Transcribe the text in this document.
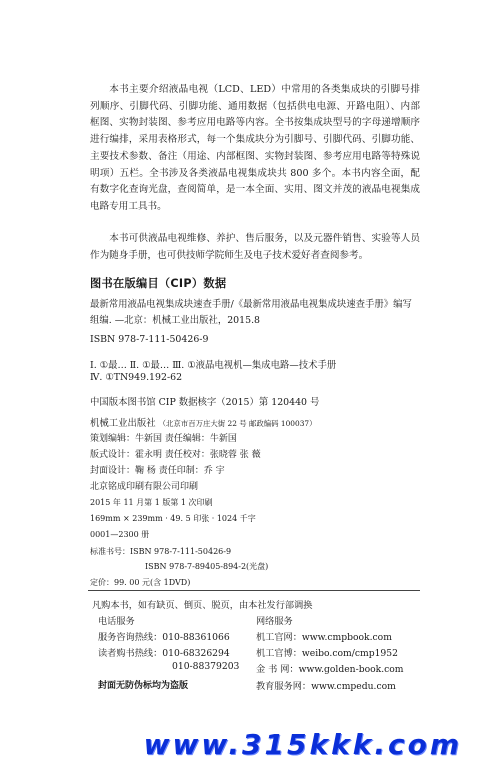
本书主要介绍液晶电视（LCD、LED）中常用的各类集成块的引脚号排列顺序、引脚代码、引脚功能、通用数据（包括供电电源、开路电阻）、内部框图、实物封装图、参考应用电路等内容。全书按集成块型号的字母递增顺序进行编排，采用表格形式，每一个集成块分为引脚号、引脚代码、引脚功能、主要技术参数、备注（用途、内部框图、实物封装图、参考应用电路等特殊说明项）五栏。全书涉及各类液晶电视集成块共 800 多个。本书内容全面，配有数字化查询光盘，查阅简单，是一本全面、实用、图文并茂的液晶电视集成电路专用工具书。

本书可供液晶电视维修、养护、售后服务，以及元器件销售、实验等人员作为随身手册，也可供技师学院师生及电子技术爱好者查阅参考。

图书在版编目（CIP）数据

最新常用液晶电视集成块速查手册/《最新常用液晶电视集成块速查手册》编写组编. —北京：机械工业出版社，2015.8

ISBN 978-7-111-50426-9
Ⅰ. ①最… Ⅱ. ①最… Ⅲ. ①液晶电视机—集成电路—技术手册
Ⅳ. ①TN949.192-62
中国版本图书馆 CIP 数据核字（2015）第 120440 号
机械工业出版社 （北京市百万庄大街 22 号 邮政编码 100037）
策划编辑：牛新国 责任编辑：牛新国
版式设计：霍永明 责任校对：张晓蓉 张 薇
封面设计：鞠 杨 责任印制：乔 宇
北京铭成印刷有限公司印刷
2015 年 11 月第 1 版第 1 次印刷
169mm × 239mm · 49. 5 印张 · 1024 千字
0001—2300 册
标准书号：ISBN 978-7-111-50426-9
ISBN 978-7-89405-894-2(光盘)
定价：99. 00 元(含 1DVD)
凡购本书，如有缺页、倒页、脱页，由本社发行部调换
电话服务	网络服务
服务咨询热线：010-88361066	机工官网：www.cmpbook.com
读者购书热线：010-68326294	机工官博：weibo.com/cmp1952
010-88379203 金 书 网：www.golden-book.com
封面无防伪标均为盗版	教育服务网：www.cmpedu.com
www.315kkk.com
